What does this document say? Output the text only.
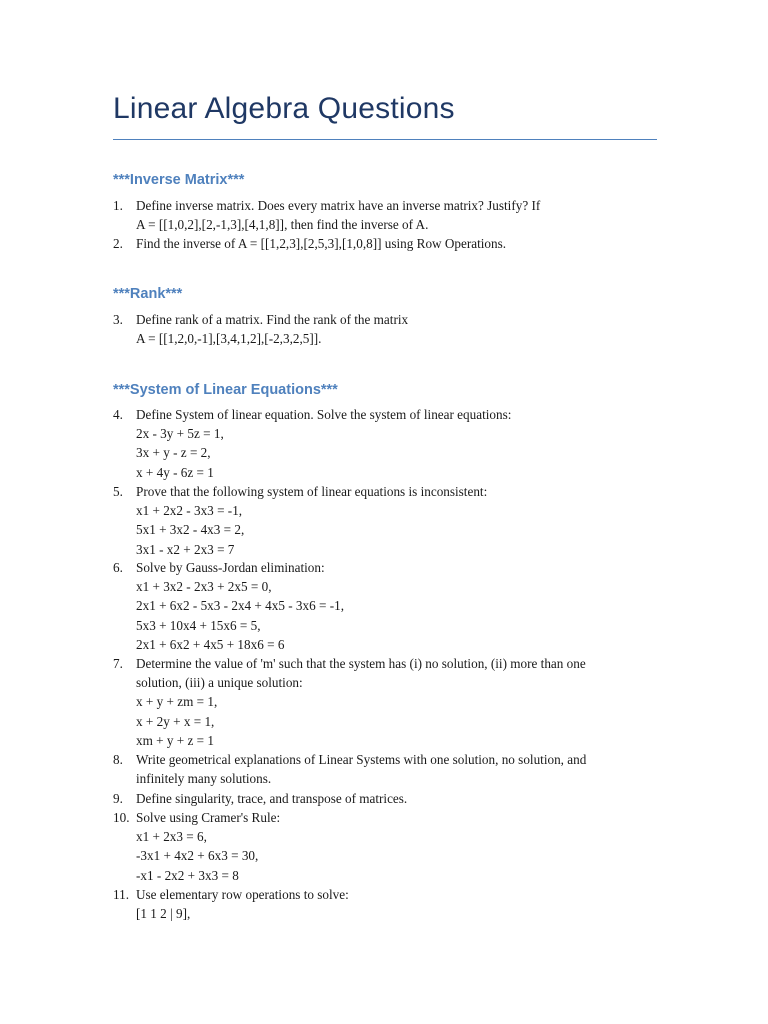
Linear Algebra Questions
***Inverse Matrix***
1. Define inverse matrix. Does every matrix have an inverse matrix? Justify? If
A = [[1,0,2],[2,-1,3],[4,1,8]], then find the inverse of A.
2. Find the inverse of A = [[1,2,3],[2,5,3],[1,0,8]] using Row Operations.
***Rank***
3. Define rank of a matrix. Find the rank of the matrix
A = [[1,2,0,-1],[3,4,1,2],[-2,3,2,5]].
***System of Linear Equations***
4. Define System of linear equation. Solve the system of linear equations:
2x - 3y + 5z = 1,
3x + y - z = 2,
x + 4y - 6z = 1
5. Prove that the following system of linear equations is inconsistent:
x1 + 2x2 - 3x3 = -1,
5x1 + 3x2 - 4x3 = 2,
3x1 - x2 + 2x3 = 7
6. Solve by Gauss-Jordan elimination:
x1 + 3x2 - 2x3 + 2x5 = 0,
2x1 + 6x2 - 5x3 - 2x4 + 4x5 - 3x6 = -1,
5x3 + 10x4 + 15x6 = 5,
2x1 + 6x2 + 4x5 + 18x6 = 6
7. Determine the value of 'm' such that the system has (i) no solution, (ii) more than one
solution, (iii) a unique solution:
x + y + zm = 1,
x + 2y + x = 1,
xm + y + z = 1
8. Write geometrical explanations of Linear Systems with one solution, no solution, and
infinitely many solutions.
9. Define singularity, trace, and transpose of matrices.
10. Solve using Cramer's Rule:
x1 + 2x3 = 6,
-3x1 + 4x2 + 6x3 = 30,
-x1 - 2x2 + 3x3 = 8
11. Use elementary row operations to solve:
[1 1 2 | 9],
